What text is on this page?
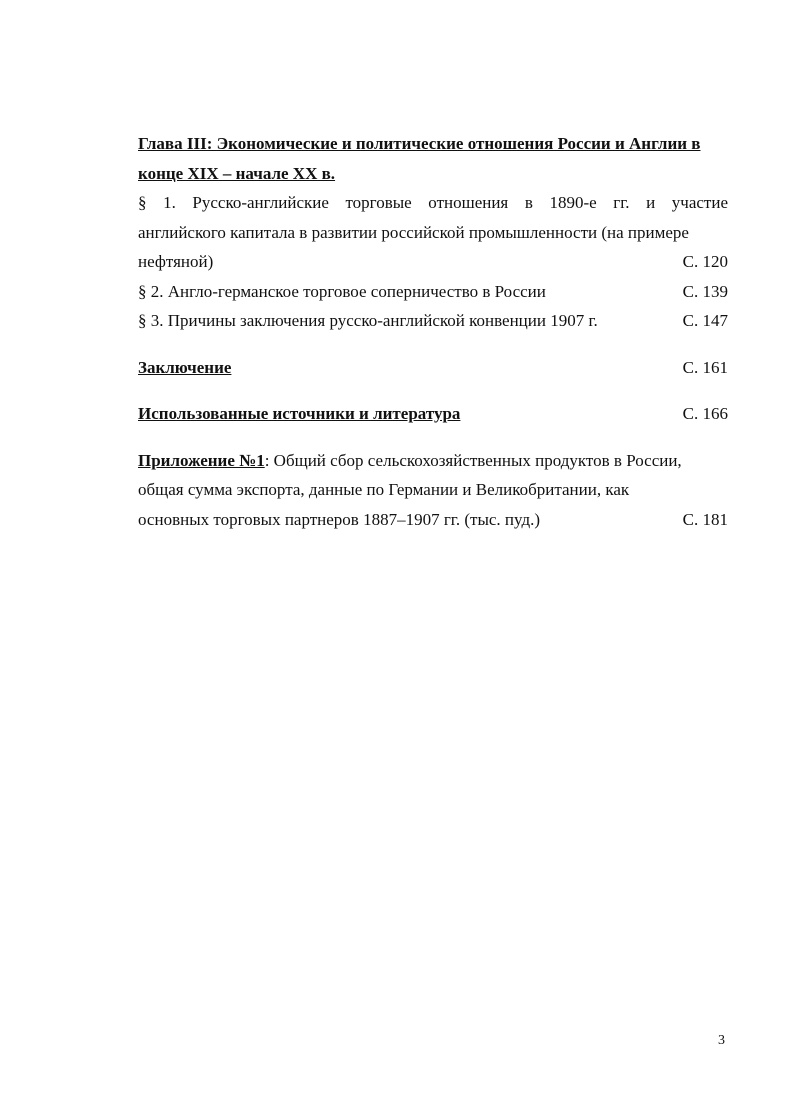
Глава III: Экономические и политические отношения России и Англии в
конце XIX – начале XX в.
§ 1. Русско-английские торговые отношения в 1890-е гг. и участие
английского капитала в развитии российской промышленности (на примере
нефтяной)	С. 120
§ 2. Англо-германское торговое соперничество в России	С. 139
§ 3. Причины заключения русско-английской конвенции 1907 г.	С. 147
Заключение	С. 161
Использованные источники и литература	С. 166
Приложение №1: Общий сбор сельскохозяйственных продуктов в России,
общая сумма экспорта, данные по Германии и Великобритании, как
основных торговых партнеров 1887–1907 гг. (тыс. пуд.)	С. 181
3
